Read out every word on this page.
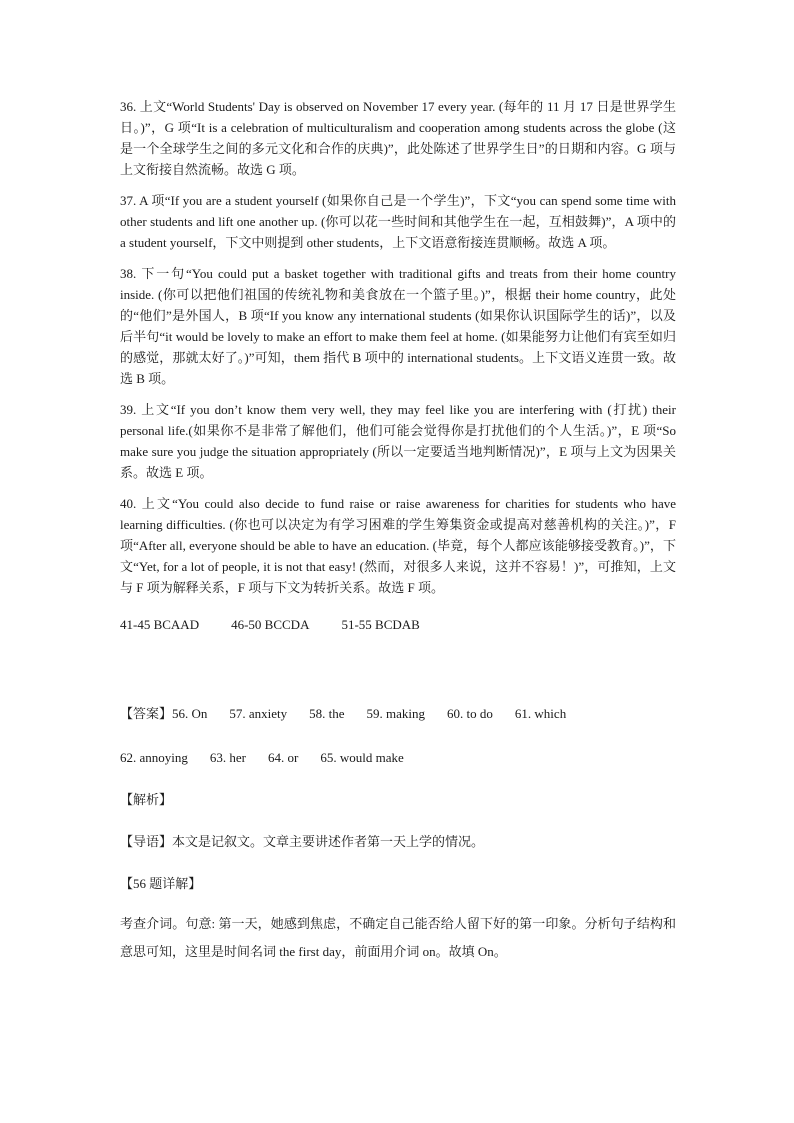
36. 上文“World Students' Day is observed on November 17 every year. (每年的 11 月 17 日是世界学生日。)”，G 项“It is a celebration of multiculturalism and cooperation among students across the globe (这是一个全球学生之间的多元文化和合作的庆典)”，此处陈述了世界学生日”的日期和内容。G 项与上文衔接自然流畅。故选 G 项。

37. A 项“If you are a student yourself (如果你自己是一个学生)”，下文“you can spend some time with other students and lift one another up. (你可以花一些时间和其他学生在一起，互相鼓舞)”，A 项中的 a student yourself，下文中则提到 other students，上下文语意衔接连贯顺畅。故选 A 项。

38. 下一句“You could put a basket together with traditional gifts and treats from their home country inside. (你可以把他们祖国的传统礼物和美食放在一个篮子里。)”，根据 their home country，此处的“他们”是外国人，B 项“If you know any international students (如果你认识国际学生的话)”，以及后半句“it would be lovely to make an effort to make them feel at home. (如果能努力让他们有宾至如归的感觉，那就太好了。)”可知，them 指代 B 项中的 international students。上下文语义连贯一致。故选 B 项。

39. 上文“If you don’t know them very well, they may feel like you are interfering with (打扰) their personal life.(如果你不是非常了解他们，他们可能会觉得你是打扰他们的个人生活。)”，E 项“So make sure you judge the situation appropriately (所以一定要适当地判断情况)”，E 项与上文为因果关系。故选 E 项。

40. 上文“You could also decide to fund raise or raise awareness for charities for students who have learning difficulties. (你也可以决定为有学习困难的学生筹集资金或提高对慈善机构的关注。)”，F 项“After all, everyone should be able to have an education. (毕竟，每个人都应该能够接受教育。)”，下文“Yet, for a lot of people, it is not that easy! (然而，对很多人来说，这并不容易！)”，可推知，上文与 F 项为解释关系，F 项与下文为转折关系。故选 F 项。

41-45 BCAAD 46-50 BCCDA 51-55 BCDAB
【答案】56. On 57. anxiety 58. the 59. making 60. to do 61. which
62. annoying 63. her 64. or 65. would make
【解析】
【导语】本文是记叙文。文章主要讲述作者第一天上学的情况。
【56 题详解】

考查介词。句意: 第一天，她感到焦虑，不确定自己能否给人留下好的第一印象。分析句子结构和意思可知，这里是时间名词 the first day，前面用介词 on。故填 On。
